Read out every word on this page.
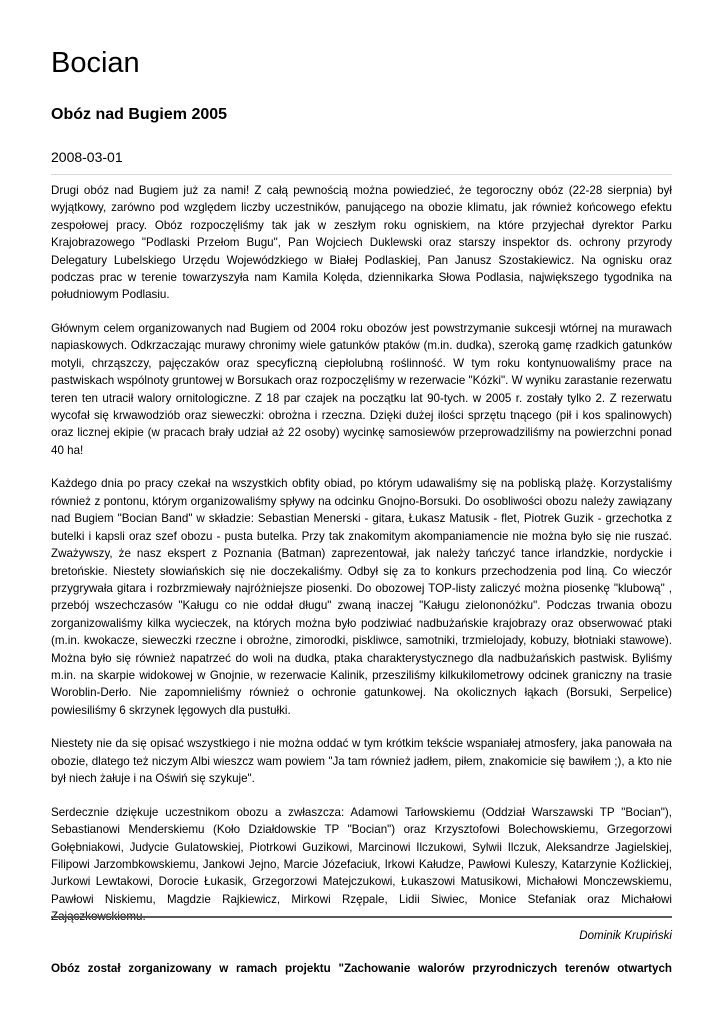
Bocian
Obóz nad Bugiem 2005
2008-03-01

Drugi obóz nad Bugiem już za nami! Z całą pewnością można powiedzieć, że tegoroczny obóz (22-28 sierpnia) był wyjątkowy, zarówno pod względem liczby uczestników, panującego na obozie klimatu, jak również końcowego efektu zespołowej pracy. Obóz rozpoczęliśmy tak jak w zeszłym roku ogniskiem, na które przyjechał dyrektor Parku Krajobrazowego "Podlaski Przełom Bugu", Pan Wojciech Duklewski oraz starszy inspektor ds. ochrony przyrody Delegatury Lubelskiego Urzędu Wojewódzkiego w Białej Podlaskiej, Pan Janusz Szostakiewicz. Na ognisku oraz podczas prac w terenie towarzyszyła nam Kamila Kolęda, dziennikarka Słowa Podlasia, największego tygodnika na południowym Podlasiu.

Głównym celem organizowanych nad Bugiem od 2004 roku obozów jest powstrzymanie sukcesji wtórnej na murawach napiaskowych. Odkrzaczając murawy chronimy wiele gatunków ptaków (m.in. dudka), szeroką gamę rzadkich gatunków motyli, chrząszczy, pajęczaków oraz specyficzną ciepłolubną roślinność. W tym roku kontynuowaliśmy prace na pastwiskach wspólnoty gruntowej w Borsukach oraz rozpoczęliśmy w rezerwacie "Kózki". W wyniku zarastanie rezerwatu teren ten utracił walory ornitologiczne. Z 18 par czajek na początku lat 90-tych. w 2005 r. zostały tylko 2. Z rezerwatu wycofał się krwawodziób oraz sieweczki: obrożna i rzeczna. Dzięki dużej ilości sprzętu tnącego (pił i kos spalinowych) oraz licznej ekipie (w pracach brały udział aż 22 osoby) wycinkę samosiewów przeprowadziliśmy na powierzchni ponad 40 ha!

Każdego dnia po pracy czekał na wszystkich obfity obiad, po którym udawaliśmy się na pobliską plażę. Korzystaliśmy również z pontonu, którym organizowaliśmy spływy na odcinku Gnojno-Borsuki. Do osobliwości obozu należy zawiązany nad Bugiem "Bocian Band" w składzie: Sebastian Menerski - gitara, Łukasz Matusik - flet, Piotrek Guzik - grzechotka z butelki i kapsli oraz szef obozu - pusta butelka. Przy tak znakomitym akompaniamencie nie można było się nie ruszać. Zważywszy, że nasz ekspert z Poznania (Batman) zaprezentował, jak należy tańczyć tance irlandzkie, nordyckie i bretońskie. Niestety słowiańskich się nie doczekaliśmy. Odbył się za to konkurs przechodzenia pod liną. Co wieczór przygrywała gitara i rozbrzmiewały najróżniejsze piosenki. Do obozowej TOP-listy zaliczyć można piosenkę "klubową" , przebój wszechczasów "Kaługu co nie oddał długu" zwaną inaczej "Kaługu zielononóżku". Podczas trwania obozu zorganizowaliśmy kilka wycieczek, na których można było podziwiać nadbużańskie krajobrazy oraz obserwować ptaki (m.in. kwokacze, sieweczki rzeczne i obrożne, zimorodki, piskliwce, samotniki, trzmielojady, kobuzy, błotniaki stawowe). Można było się również napatrzeć do woli na dudka, ptaka charakterystycznego dla nadbużańskich pastwisk. Byliśmy m.in. na skarpie widokowej w Gnojnie, w rezerwacie Kalinik, przesziliśmy kilkukilometrowy odcinek graniczny na trasie Woroblin-Derło. Nie zapomnieliśmy również o ochronie gatunkowej. Na okolicznych łąkach (Borsuki, Serpelice) powiesiliśmy 6 skrzynek lęgowych dla pustułki.

Niestety nie da się opisać wszystkiego i nie można oddać w tym krótkim tekście wspaniałej atmosfery, jaka panowała na obozie, dlatego też niczym Albi wieszcz wam powiem "Ja tam również jadłem, piłem, znakomicie się bawiłem ;), a kto nie był niech żałuje i na Oświń się szykuje".

Serdecznie dziękuje uczestnikom obozu a zwłaszcza: Adamowi Tarłowskiemu (Oddział Warszawski TP "Bocian"), Sebastianowi Menderskiemu (Koło Działdowskie TP "Bocian") oraz Krzysztofowi Bolechowskiemu, Grzegorzowi Gołębniakowi, Judycie Gulatowskiej, Piotrkowi Guzikowi, Marcinowi Ilczukowi, Sylwii Ilczuk, Aleksandrze Jagielskiej, Filipowi Jarzombkowskiemu, Jankowi Jejno, Marcie Józefaciuk, Irkowi Kałudze, Pawłowi Kuleszy, Katarzynie Koźlickiej, Jurkowi Lewtakowi, Dorocie Łukasik, Grzegorzowi Matejczukowi, Łukaszowi Matusikowi, Michałowi Monczewskiemu, Pawłowi Niskiemu, Magdzie Rajkiewicz, Mirkowi Rzępale, Lidii Siwiec, Monice Stefaniak oraz Michałowi Zajączkowskiemu.

Dominik Krupiński
Obóz został zorganizowany w ramach projektu "Zachowanie walorów przyrodniczych terenów otwartych
